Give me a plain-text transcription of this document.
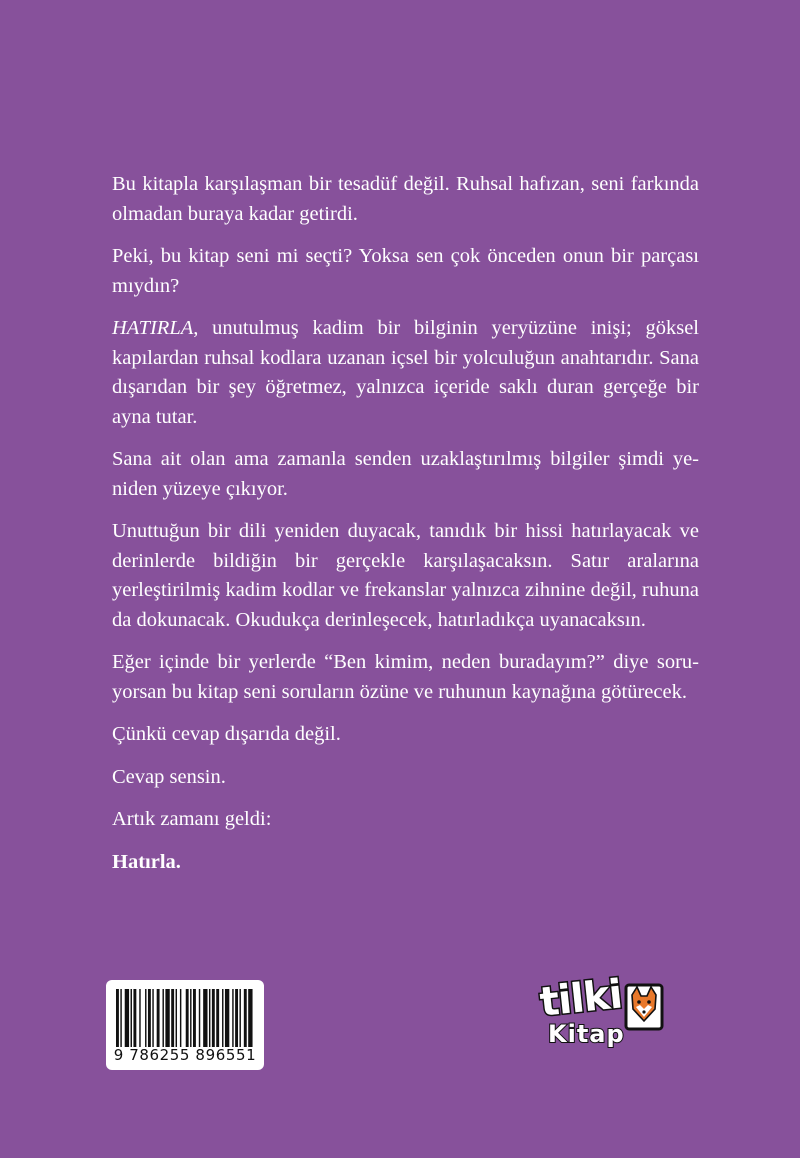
Bu kitapla karşılaşman bir tesadüf değil. Ruhsal hafızan, seni farkında olmadan buraya kadar getirdi.

Peki, bu kitap seni mi seçti? Yoksa sen çok önceden onun bir parçası mıydın?

HATIRLA, unutulmuş kadim bir bilginin yeryüzüne inişi; göksel kapılardan ruhsal kodlara uzanan içsel bir yolculuğun anahtarıdır. Sana dışarıdan bir şey öğretmez, yalnızca içeride saklı duran gerçeğe bir ayna tutar.

Sana ait olan ama zamanla senden uzaklaştırılmış bilgiler şimdi yeniden yüzeye çıkıyor.

Unuttuğun bir dili yeniden duyacak, tanıdık bir hissi hatırlayacak ve derinlerde bildiğin bir gerçekle karşılaşacaksın. Satır aralarına yerleştirilmiş kadim kodlar ve frekanslar yalnızca zihnine değil, ruhuna da dokunacak. Okudukça derinleşecek, hatırladıkça uyanacaksın.

Eğer içinde bir yerlerde “Ben kimim, neden buradayım?” diye soruyorsan bu kitap seni soruların özüne ve ruhunun kaynağına götürecek.

Çünkü cevap dışarıda değil.

Cevap sensin.

Artık zamanı geldi:

Hatırla.

9 786255 896551
tilki
Kitap
